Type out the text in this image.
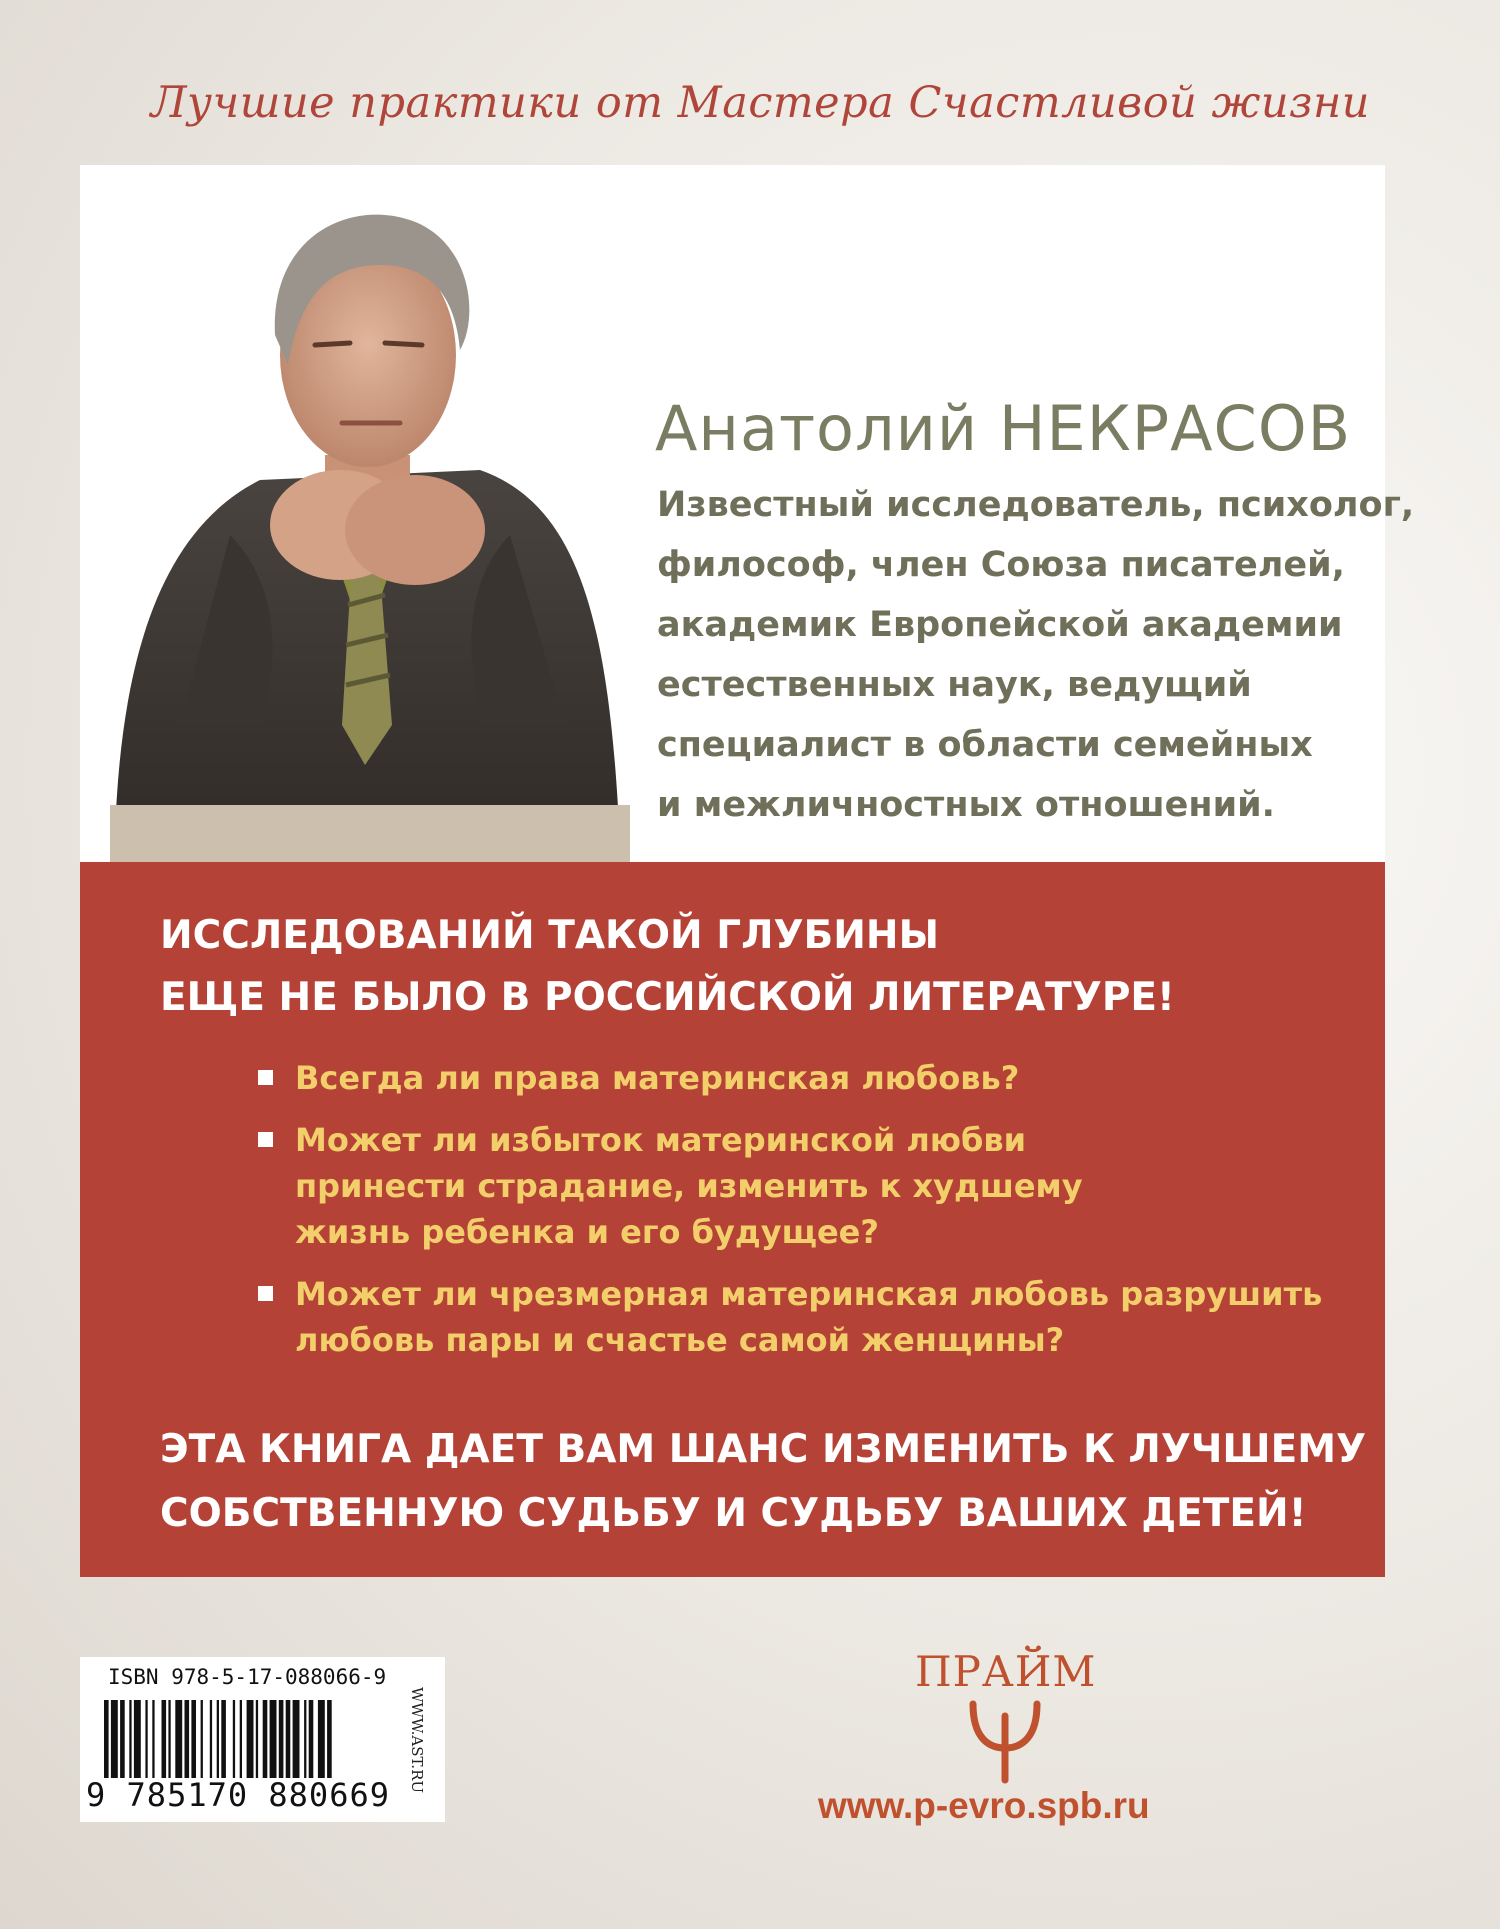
Лучшие практики от Мастера Счастливой жизни
Анатолий НЕКРАСОВ
Известный исследователь, психолог,
философ, член Союза писателей,
академик Европейской академии
естественных наук, ведущий
специалист в области семейных
и межличностных отношений.
ИССЛЕДОВАНИЙ ТАКОЙ ГЛУБИНЫ
ЕЩЕ НЕ БЫЛО В РОССИЙСКОЙ ЛИТЕРАТУРЕ!
Всегда ли права материнская любовь?
Может ли избыток материнской любви
принести страдание, изменить к худшему
жизнь ребенка и его будущее?
Может ли чрезмерная материнская любовь разрушить
любовь пары и счастье самой женщины?
ЭТА КНИГА ДАЕТ ВАМ ШАНС ИЗМЕНИТЬ К ЛУЧШЕМУ
СОБСТВЕННУЮ СУДЬБУ И СУДЬБУ ВАШИХ ДЕТЕЙ!
ISBN 978-5-17-088066-9
9 785170 880669
WWW.AST.RU
ПРАЙМ
www.p-evro.spb.ru
